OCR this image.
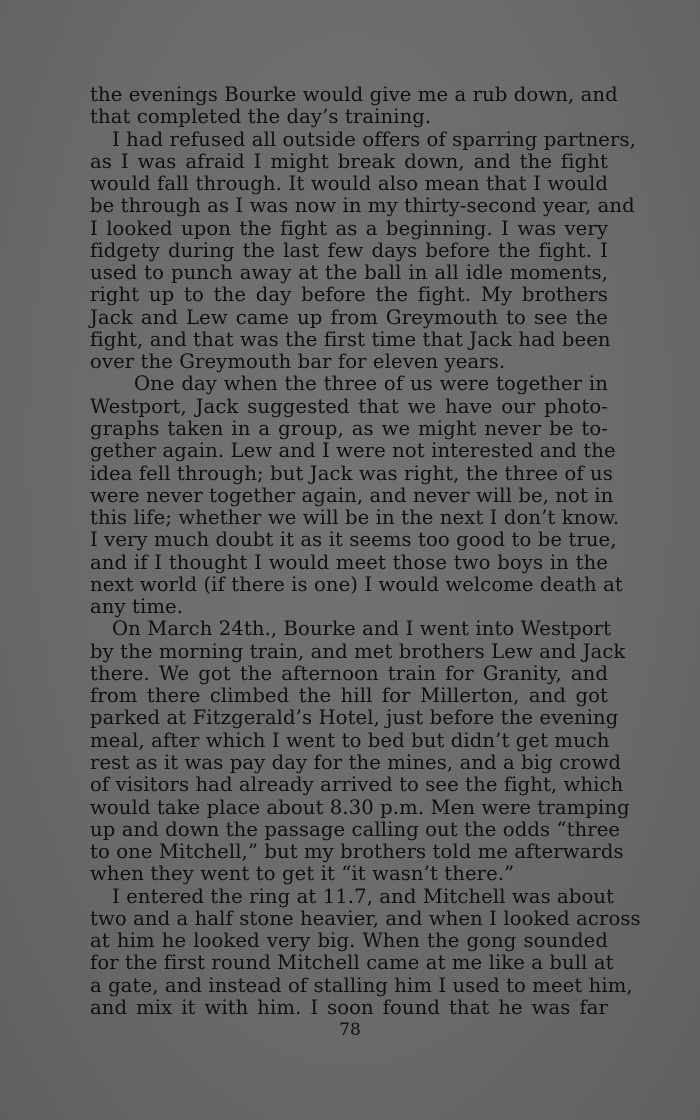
the evenings Bourke would give me a rub down, and
that completed the day’s training.
I had refused all outside offers of sparring partners,
as I was afraid I might break down, and the fight
would fall through. It would also mean that I would
be through as I was now in my thirty-second year, and
I looked upon the fight as a beginning. I was very
fidgety during the last few days before the fight. I
used to punch away at the ball in all idle moments,
right up to the day before the fight. My brothers
Jack and Lew came up from Greymouth to see the
fight, and that was the first time that Jack had been
over the Greymouth bar for eleven years.
One day when the three of us were together in
Westport, Jack suggested that we have our photo-
graphs taken in a group, as we might never be to-
gether again. Lew and I were not interested and the
idea fell through; but Jack was right, the three of us
were never together again, and never will be, not in
this life; whether we will be in the next I don’t know.
I very much doubt it as it seems too good to be true,
and if I thought I would meet those two boys in the
next world (if there is one) I would welcome death at
any time.
On March 24th., Bourke and I went into Westport
by the morning train, and met brothers Lew and Jack
there. We got the afternoon train for Granity, and
from there climbed the hill for Millerton, and got
parked at Fitzgerald’s Hotel, just before the evening
meal, after which I went to bed but didn’t get much
rest as it was pay day for the mines, and a big crowd
of visitors had already arrived to see the fight, which
would take place about 8.30 p.m. Men were tramping
up and down the passage calling out the odds “three
to one Mitchell,” but my brothers told me afterwards
when they went to get it “it wasn’t there.”
I entered the ring at 11.7, and Mitchell was about
two and a half stone heavier, and when I looked across
at him he looked very big. When the gong sounded
for the first round Mitchell came at me like a bull at
a gate, and instead of stalling him I used to meet him,
and mix it with him. I soon found that he was far
78
